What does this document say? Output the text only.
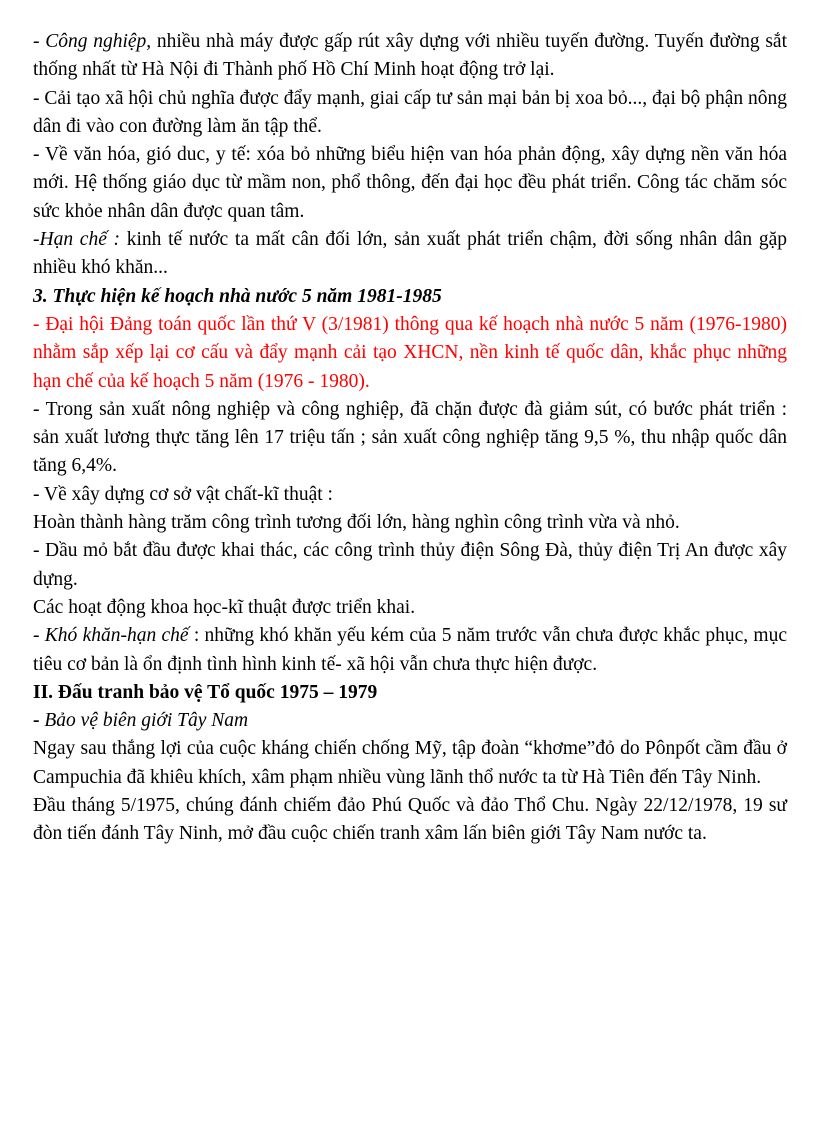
- Công nghiệp, nhiều nhà máy được gấp rút xây dựng với nhiều tuyến đường. Tuyến đường sắt thống nhất từ Hà Nội đi Thành phố Hồ Chí Minh hoạt động trở lại.

- Cải tạo xã hội chủ nghĩa được đẩy mạnh, giai cấp tư sản mại bản bị xoa bỏ..., đại bộ phận nông dân đi vào con đường làm ăn tập thể.

- Về văn hóa, gió duc, y tế: xóa bỏ những biểu hiện van hóa phản động, xây dựng nền văn hóa mới. Hệ thống giáo dục từ mầm non, phổ thông, đến đại học đều phát triển. Công tác chăm sóc sức khỏe nhân dân được quan tâm.

-Hạn chế : kinh tế nước ta mất cân đối lớn, sản xuất phát triển chậm, đời sống nhân dân gặp nhiều khó khăn...

3. Thực hiện kế hoạch nhà nước 5 năm 1981-1985

- Đại hội Đảng toán quốc lần thứ V (3/1981) thông qua kế hoạch nhà nước 5 năm (1976-1980) nhằm sắp xếp lại cơ cấu và đẩy mạnh cải tạo XHCN, nền kinh tế quốc dân, khắc phục những hạn chế của kế hoạch 5 năm (1976 - 1980).

- Trong sản xuất nông nghiệp và công nghiệp, đã chặn được đà giảm sút, có bước phát triển : sản xuất lương thực tăng lên 17 triệu tấn ; sản xuất công nghiệp tăng 9,5 %, thu nhập quốc dân tăng 6,4%.

- Về xây dựng cơ sở vật chất-kĩ thuật :

Hoàn thành hàng trăm công trình tương đối lớn, hàng nghìn công trình vừa và nhỏ.

- Dầu mỏ bắt đầu được khai thác, các công trình thủy điện Sông Đà, thủy điện Trị An được xây dựng.

Các hoạt động khoa học-kĩ thuật được triển khai.

- Khó khăn-hạn chế : những khó khăn yếu kém của 5 năm trước vẫn chưa được khắc phục, mục tiêu cơ bản là ổn định tình hình kinh tế- xã hội vẫn chưa thực hiện được.

II. Đấu tranh bảo vệ Tổ quốc 1975 – 1979

- Bảo vệ biên giới Tây Nam

Ngay sau thắng lợi của cuộc kháng chiến chống Mỹ, tập đoàn “khơme”đỏ do Pônpốt cầm đầu ở Campuchia đã khiêu khích, xâm phạm nhiều vùng lãnh thổ nước ta từ Hà Tiên đến Tây Ninh.

Đầu tháng 5/1975, chúng đánh chiếm đảo Phú Quốc và đảo Thổ Chu. Ngày 22/12/1978, 19 sư đòn tiến đánh Tây Ninh, mở đầu cuộc chiến tranh xâm lấn biên giới Tây Nam nước ta.
